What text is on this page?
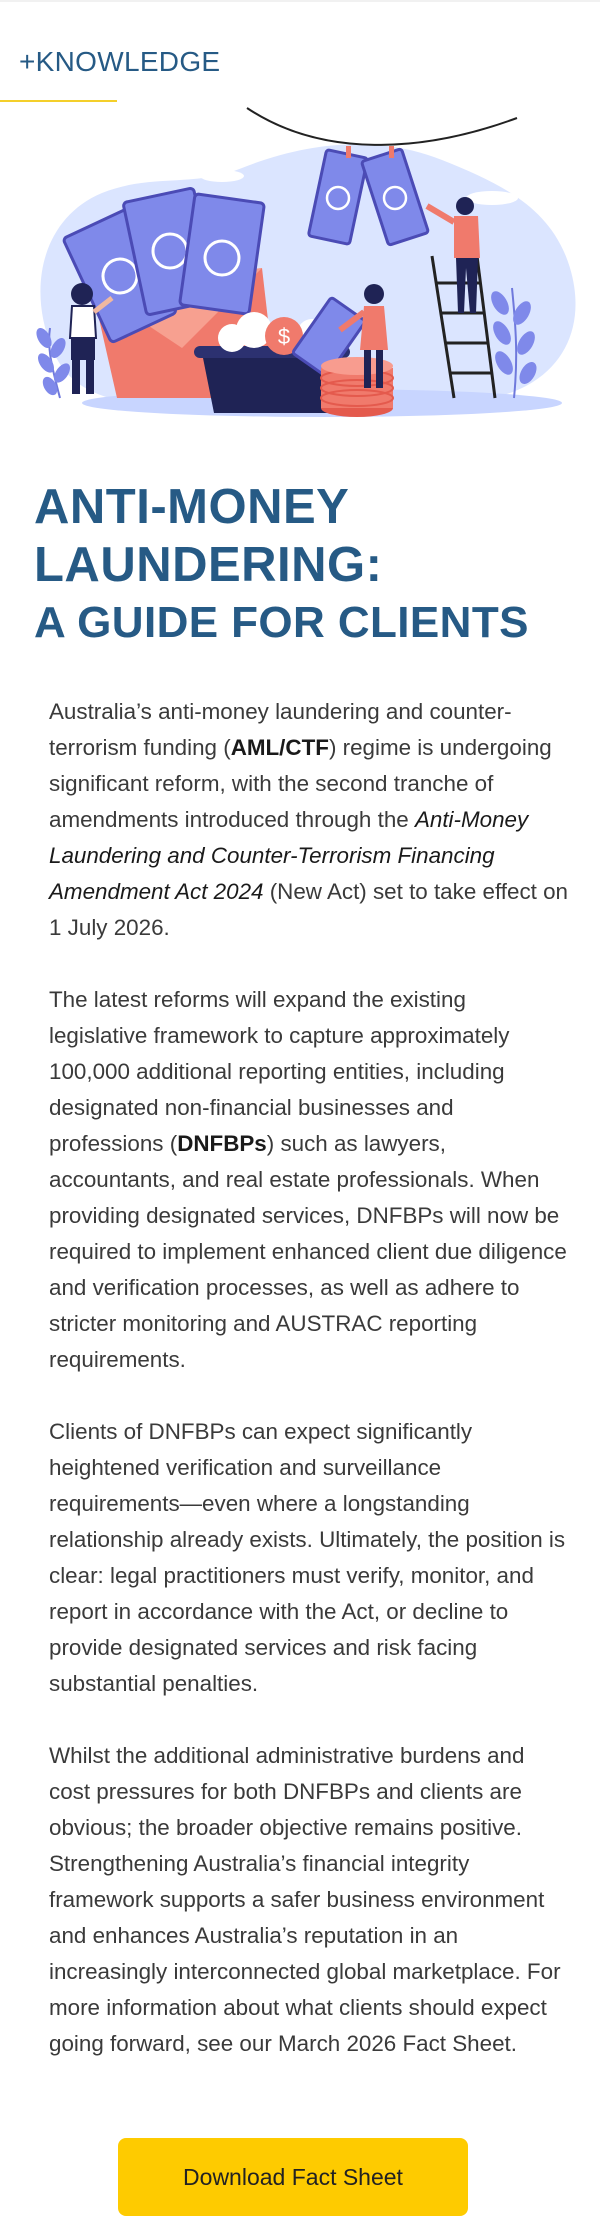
+KNOWLEDGE
$
ANTI-MONEY
LAUNDERING:
A GUIDE FOR CLIENTS

Australia’s anti-money laundering and counter-terrorism funding (AML/CTF) regime is undergoing significant reform, with the second tranche of amendments introduced through the Anti-Money Laundering and Counter-Terrorism Financing Amendment Act 2024 (New Act) set to take effect on 1 July 2026.

The latest reforms will expand the existing legislative framework to capture approximately 100,000 additional reporting entities, including designated non-financial businesses and professions (DNFBPs) such as lawyers, accountants, and real estate professionals. When providing designated services, DNFBPs will now be required to implement enhanced client due diligence and verification processes, as well as adhere to stricter monitoring and AUSTRAC reporting requirements.

Clients of DNFBPs can expect significantly heightened verification and surveillance requirements—even where a longstanding relationship already exists. Ultimately, the position is clear: legal practitioners must verify, monitor, and report in accordance with the Act, or decline to provide designated services and risk facing substantial penalties.

Whilst the additional administrative burdens and cost pressures for both DNFBPs and clients are obvious; the broader objective remains positive. Strengthening Australia’s financial integrity framework supports a safer business environment and enhances Australia’s reputation in an increasingly interconnected global marketplace. For more information about what clients should expect going forward, see our March 2026 Fact Sheet.

Download Fact Sheet
